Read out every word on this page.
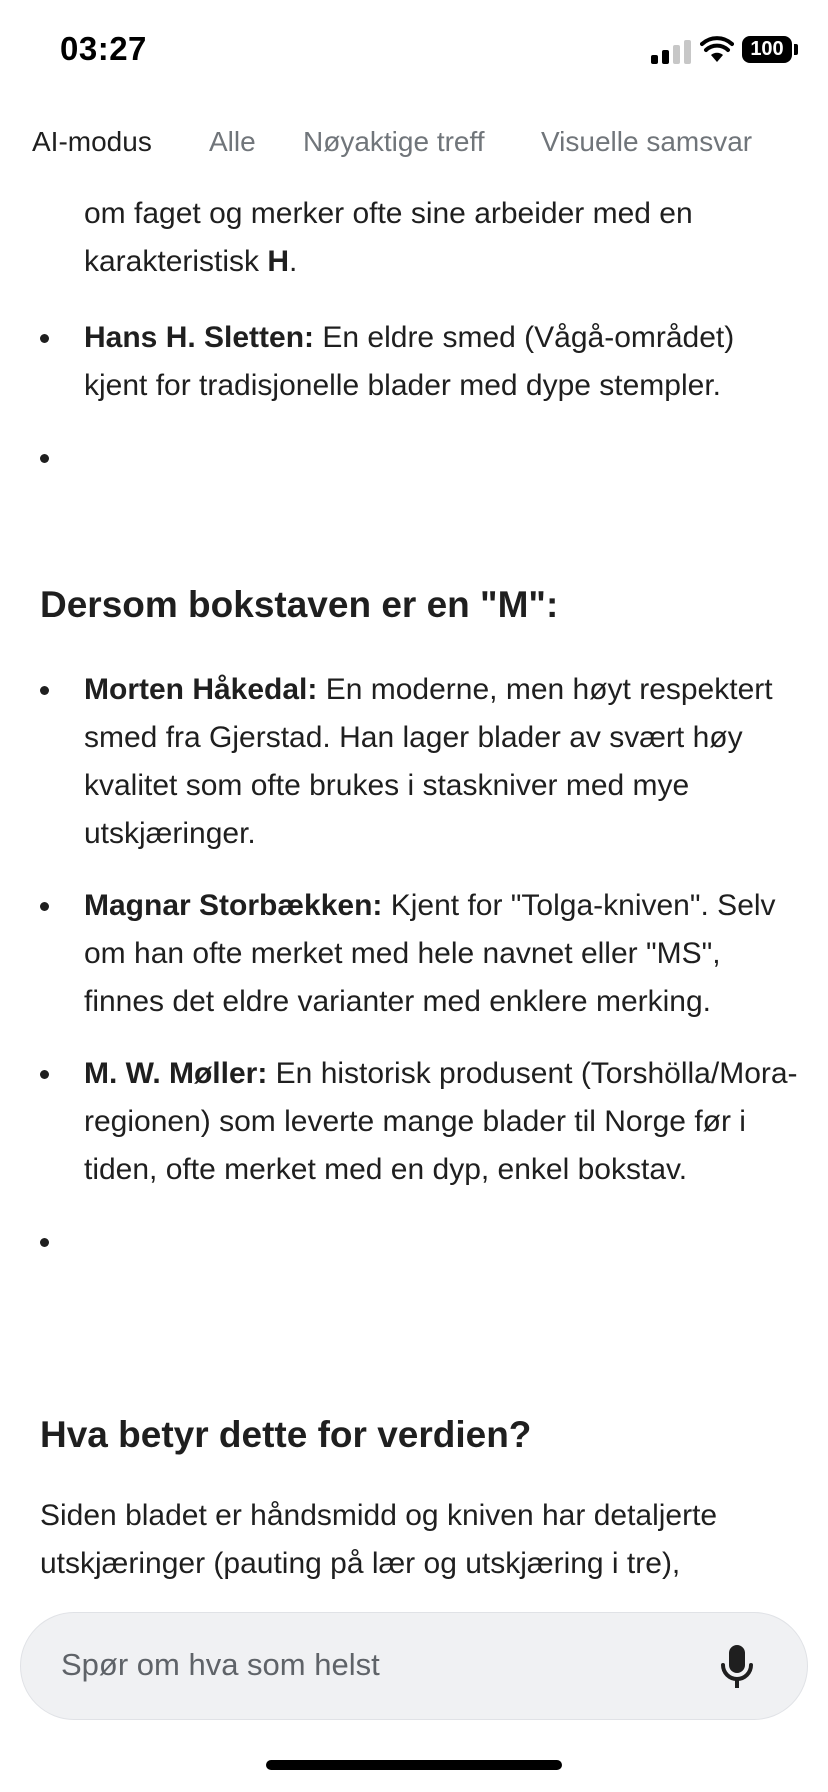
03:27	100
AI-modus Alle Nøyaktige treff Visuelle samsvar
om faget og merker ofte sine arbeider med en
karakteristisk H.
Hans H. Sletten: En eldre smed (Vågå-området) kjent for tradisjonelle blader med dype stempler.
Dersom bokstaven er en "M":
Morten Håkedal: En moderne, men høyt respektert smed fra Gjerstad. Han lager blader av svært høy kvalitet som ofte brukes i staskniver med mye utskjæringer.
Magnar Storbækken: Kjent for "Tolga-kniven". Selv om han ofte merket med hele navnet eller "MS", finnes det eldre varianter med enklere merking.
M. W. Møller: En historisk produsent (Torshölla/Mora-regionen) som leverte mange blader til Norge før i tiden, ofte merket med en dyp, enkel bokstav.
Hva betyr dette for verdien?
Siden bladet er håndsmidd og kniven har detaljerte utskjæringer (pauting på lær og utskjæring i tre),
Spør om hva som helst
